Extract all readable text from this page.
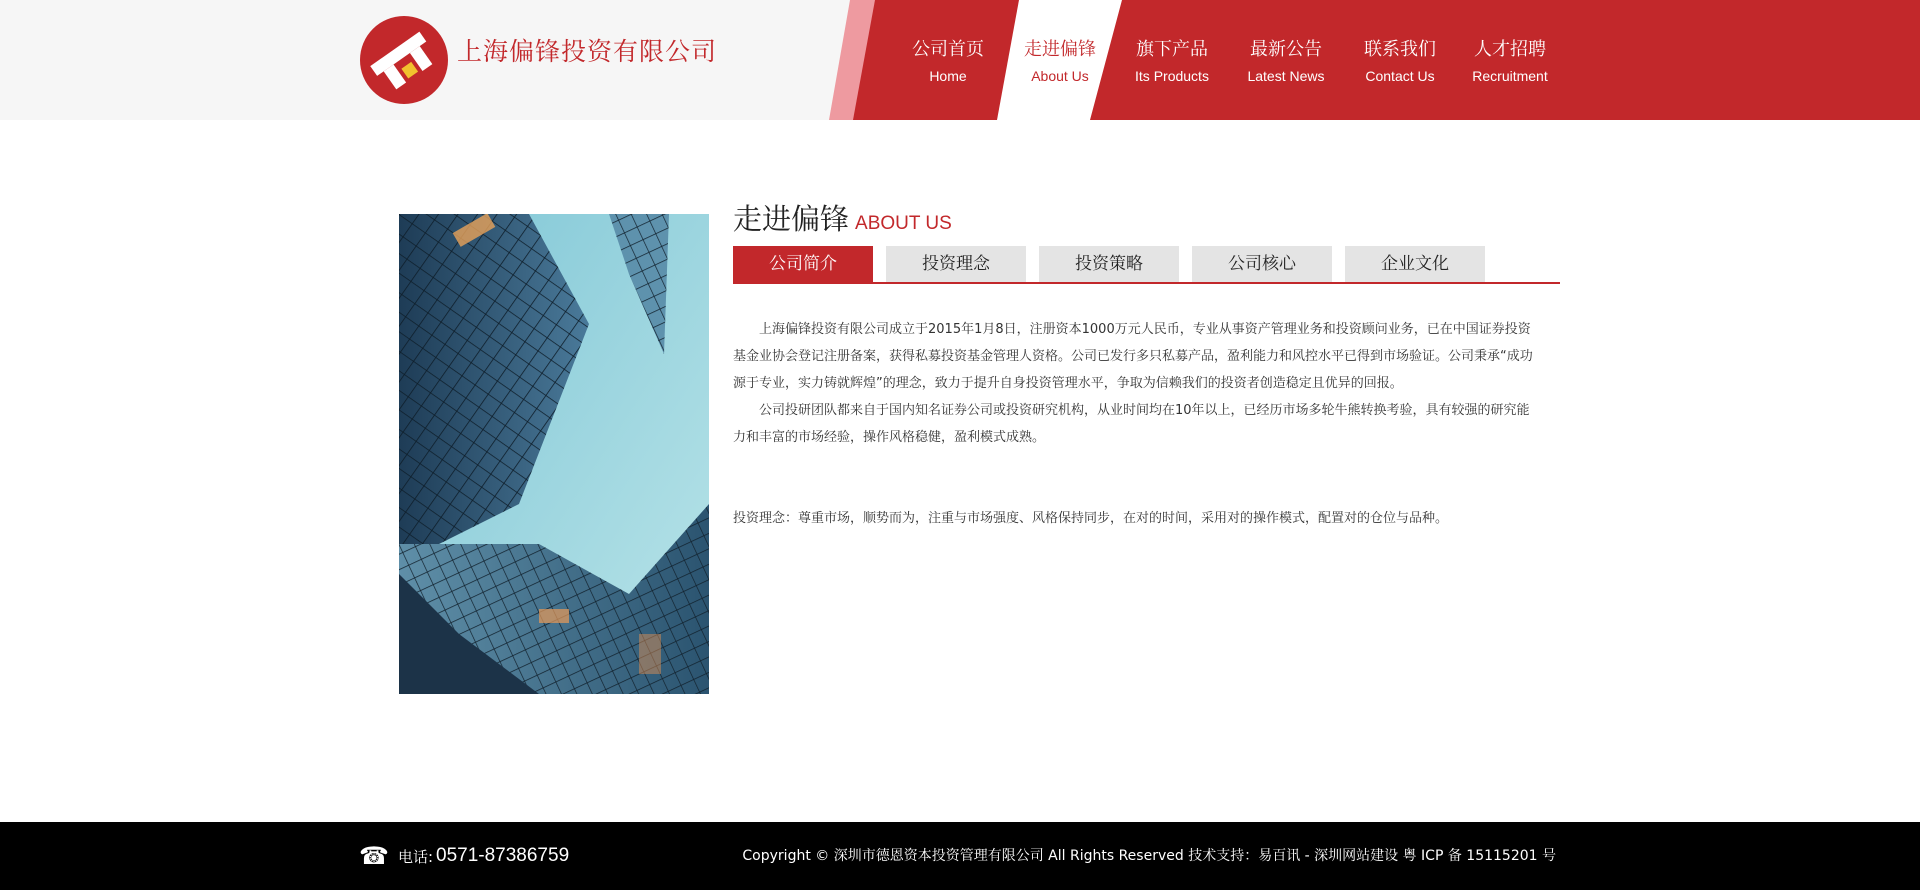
上海偏锋投资有限公司	公司首页
Home
走进偏锋
About Us
旗下产品
Its Products
最新公告
Latest News
联系我们
Contact Us
人才招聘
Recruitment
走进偏锋 ABOUT US
公司简介	投资理念	投资策略	公司核心	企业文化

上海偏锋投资有限公司成立于2015年1月8日，注册资本1000万元人民币，专业从事资产管理业务和投资顾问业务，已在中国证券投资基金业协会登记注册备案，获得私募投资基金管理人资格。公司已发行多只私募产品，盈利能力和风控水平已得到市场验证。公司秉承“成功源于专业，实力铸就辉煌”的理念，致力于提升自身投资管理水平，争取为信赖我们的投资者创造稳定且优异的回报。

公司投研团队都来自于国内知名证券公司或投资研究机构，从业时间均在10年以上，已经历市场多轮牛熊转换考验，具有较强的研究能力和丰富的市场经验，操作风格稳健，盈利模式成熟。

投资理念：尊重市场，顺势而为，注重与市场强度、风格保持同步，在对的时间，采用对的操作模式，配置对的仓位与品种。

☎ 电话: 0571-87386759	Copyright © 深圳市德恩资本投资管理有限公司 All Rights Reserved 技术支持：易百讯 - 深圳网站建设 粤 ICP 备 15115201 号
